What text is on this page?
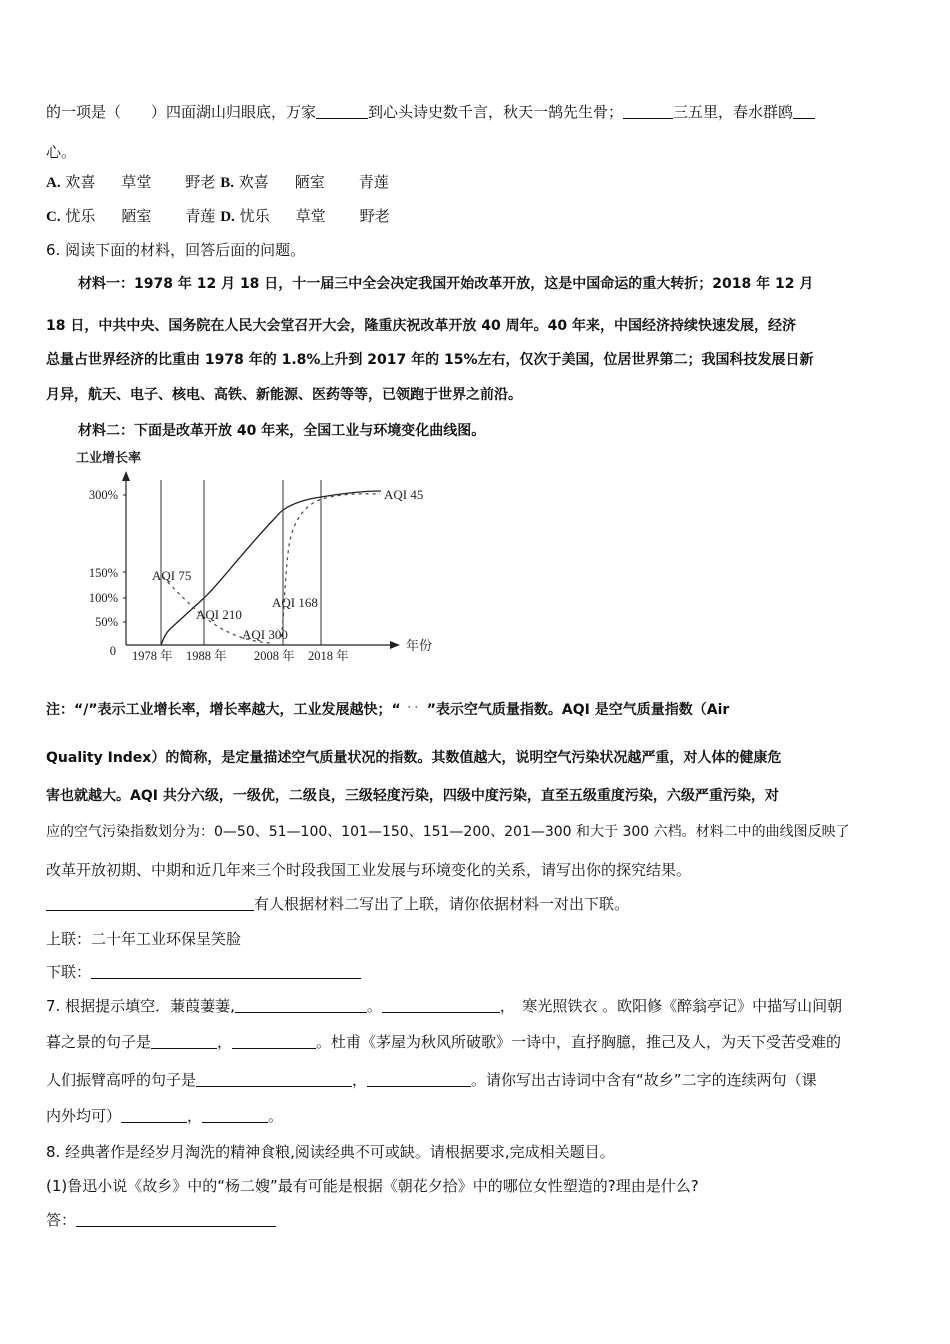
的一项是（　　）四面湖山归眼底，万家	到心头诗史数千言，秋天一鹄先生骨；	三五里，春水群鸥
心。
A. 欢喜 草堂 野老 B. 欢喜 陋室 青莲
C. 忧乐 陋室 青莲 D. 忧乐 草堂 野老
6. 阅读下面的材料，回答后面的问题。
材料一：1978 年 12 月 18 日，十一届三中全会决定我国开始改革开放，这是中国命运的重大转折；2018 年 12 月
18 日，中共中央、国务院在人民大会堂召开大会，隆重庆祝改革开放 40 周年。40 年来，中国经济持续快速发展，经济
总量占世界经济的比重由 1978 年的 1.8%上升到 2017 年的 15%左右，仅次于美国，位居世界第二；我国科技发展日新
月异，航天、电子、核电、高铁、新能源、医药等等，已领跑于世界之前沿。
材料二：下面是改革开放 40 年来，全国工业与环境变化曲线图。
工业增长率
年份
300%
150%
100%
50%
0 1978 年 1988 年 2008 年 2018 年
AQI 75
AQI 210
AQI 300
AQI 168
AQI 45
注：“/”表示工业增长率，增长率越大，工业发展越快；“ ˙˙ ”表示空气质量指数。AQI 是空气质量指数（Air
Quality Index）的简称，是定量描述空气质量状况的指数。其数值越大，说明空气污染状况越严重，对人体的健康危
害也就越大。AQI 共分六级，一级优，二级良，三级轻度污染，四级中度污染，直至五级重度污染，六级严重污染，对
应的空气污染指数划分为：0—50、51—100、101—150、151—200、201—300 和大于 300 六档。材料二中的曲线图反映了
改革开放初期、中期和近几年来三个时段我国工业发展与环境变化的关系，请写出你的探究结果。
有人根据材料二写出了上联，请你依据材料一对出下联。
上联：二十年工业环保呈笑脸
下联：
7. 根据提示填空．蒹葭萋萋,	。	，　寒光照铁衣 。欧阳修《醉翁亭记》中描写山间朝
暮之景的句子是	，	。杜甫《茅屋为秋风所破歌》一诗中，直抒胸臆，推己及人，为天下受苦受难的
人们振臂高呼的句子是	，	。请你写出古诗词中含有“故乡”二字的连续两句（课
内外均可）	，	。
8. 经典著作是经岁月淘洗的精神食粮,阅读经典不可或缺。请根据要求,完成相关题目。
(1)鲁迅小说《故乡》中的“杨二嫂”最有可能是根据《朝花夕拾》中的哪位女性塑造的?理由是什么?
答：
